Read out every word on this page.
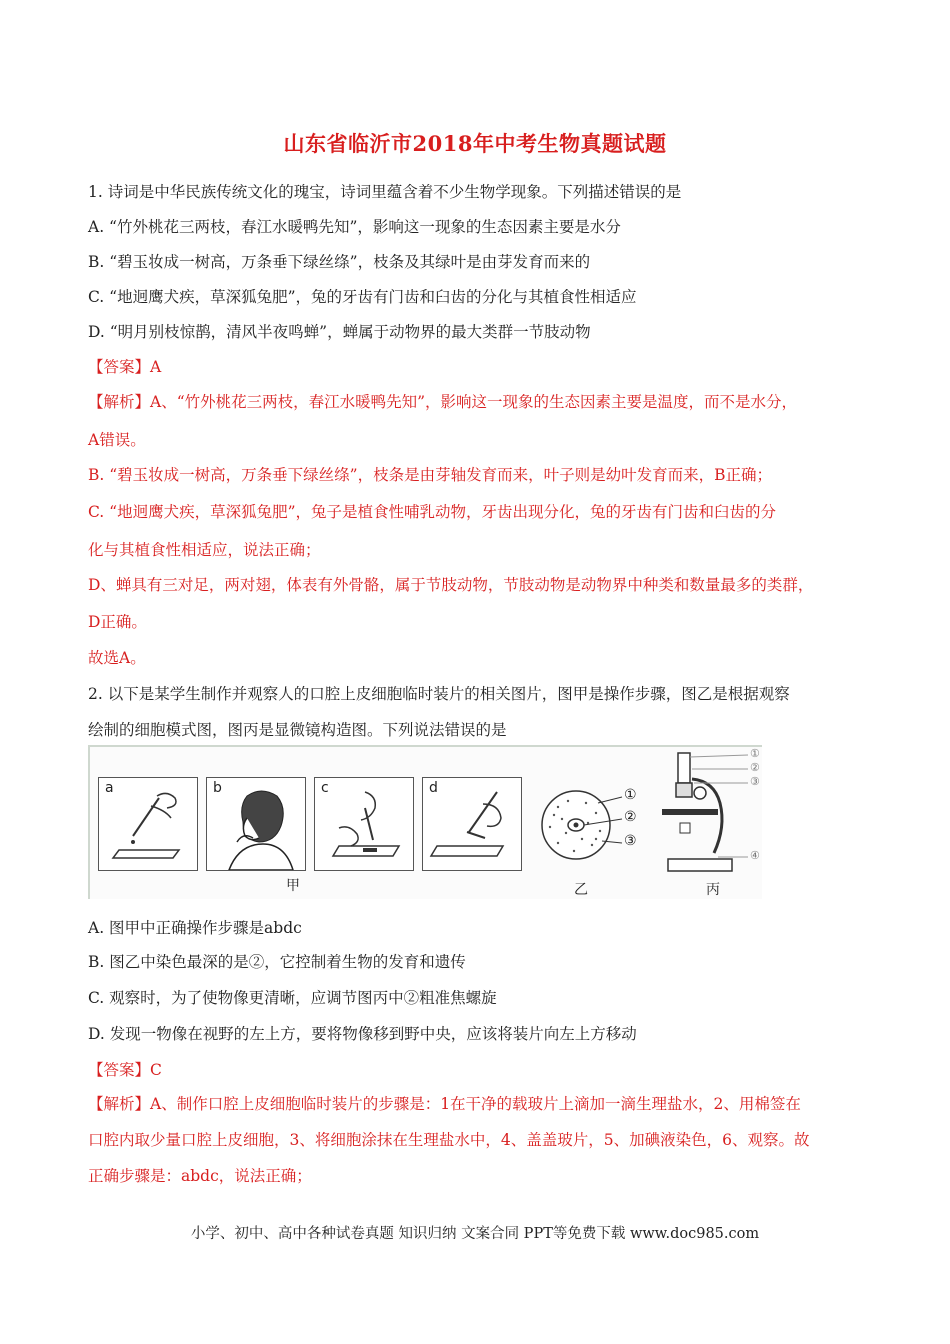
山东省临沂市2018年中考生物真题试题
1. 诗词是中华民族传统文化的瑰宝，诗词里蕴含着不少生物学现象。下列描述错误的是
A. “竹外桃花三两枝，春江水暖鸭先知”，影响这一现象的生态因素主要是水分
B. “碧玉妆成一树高，万条垂下绿丝绦”，枝条及其绿叶是由芽发育而来的
C. “地迥鹰犬疾，草深狐兔肥”，兔的牙齿有门齿和臼齿的分化与其植食性相适应
D. “明月别枝惊鹊，清风半夜鸣蝉”，蝉属于动物界的最大类群一节肢动物
【答案】A
【解析】A、“竹外桃花三两枝，春江水暖鸭先知”，影响这一现象的生态因素主要是温度，而不是水分，
A错误。
B. “碧玉妆成一树高，万条垂下绿丝绦”，枝条是由芽轴发育而来，叶子则是幼叶发育而来，B正确；
C. “地迥鹰犬疾，草深狐兔肥”，兔子是植食性哺乳动物，牙齿出现分化，兔的牙齿有门齿和臼齿的分
化与其植食性相适应，说法正确；
D、蝉具有三对足，两对翅，体表有外骨骼，属于节肢动物，节肢动物是动物界中种类和数量最多的类群，
D正确。
故选A。
2. 以下是某学生制作并观察人的口腔上皮细胞临时装片的相关图片，图甲是操作步骤，图乙是根据观察
绘制的细胞模式图，图丙是显微镜构造图。下列说法错误的是
a	b	c	d	①
②
③
①
②
③
④
甲	乙	丙
A. 图甲中正确操作步骤是abdc
B. 图乙中染色最深的是②，它控制着生物的发育和遗传
C. 观察时，为了使物像更清晰，应调节图丙中②粗准焦螺旋
D. 发现一物像在视野的左上方，要将物像移到野中央，应该将装片向左上方移动
【答案】C
【解析】A、制作口腔上皮细胞临时装片的步骤是：1在干净的载玻片上滴加一滴生理盐水，2、用棉签在
口腔内取少量口腔上皮细胞，3、将细胞涂抹在生理盐水中，4、盖盖玻片，5、加碘液染色，6、观察。故
正确步骤是：abdc，说法正确；
小学、初中、高中各种试卷真题 知识归纳 文案合同 PPT等免费下载 www.doc985.com
